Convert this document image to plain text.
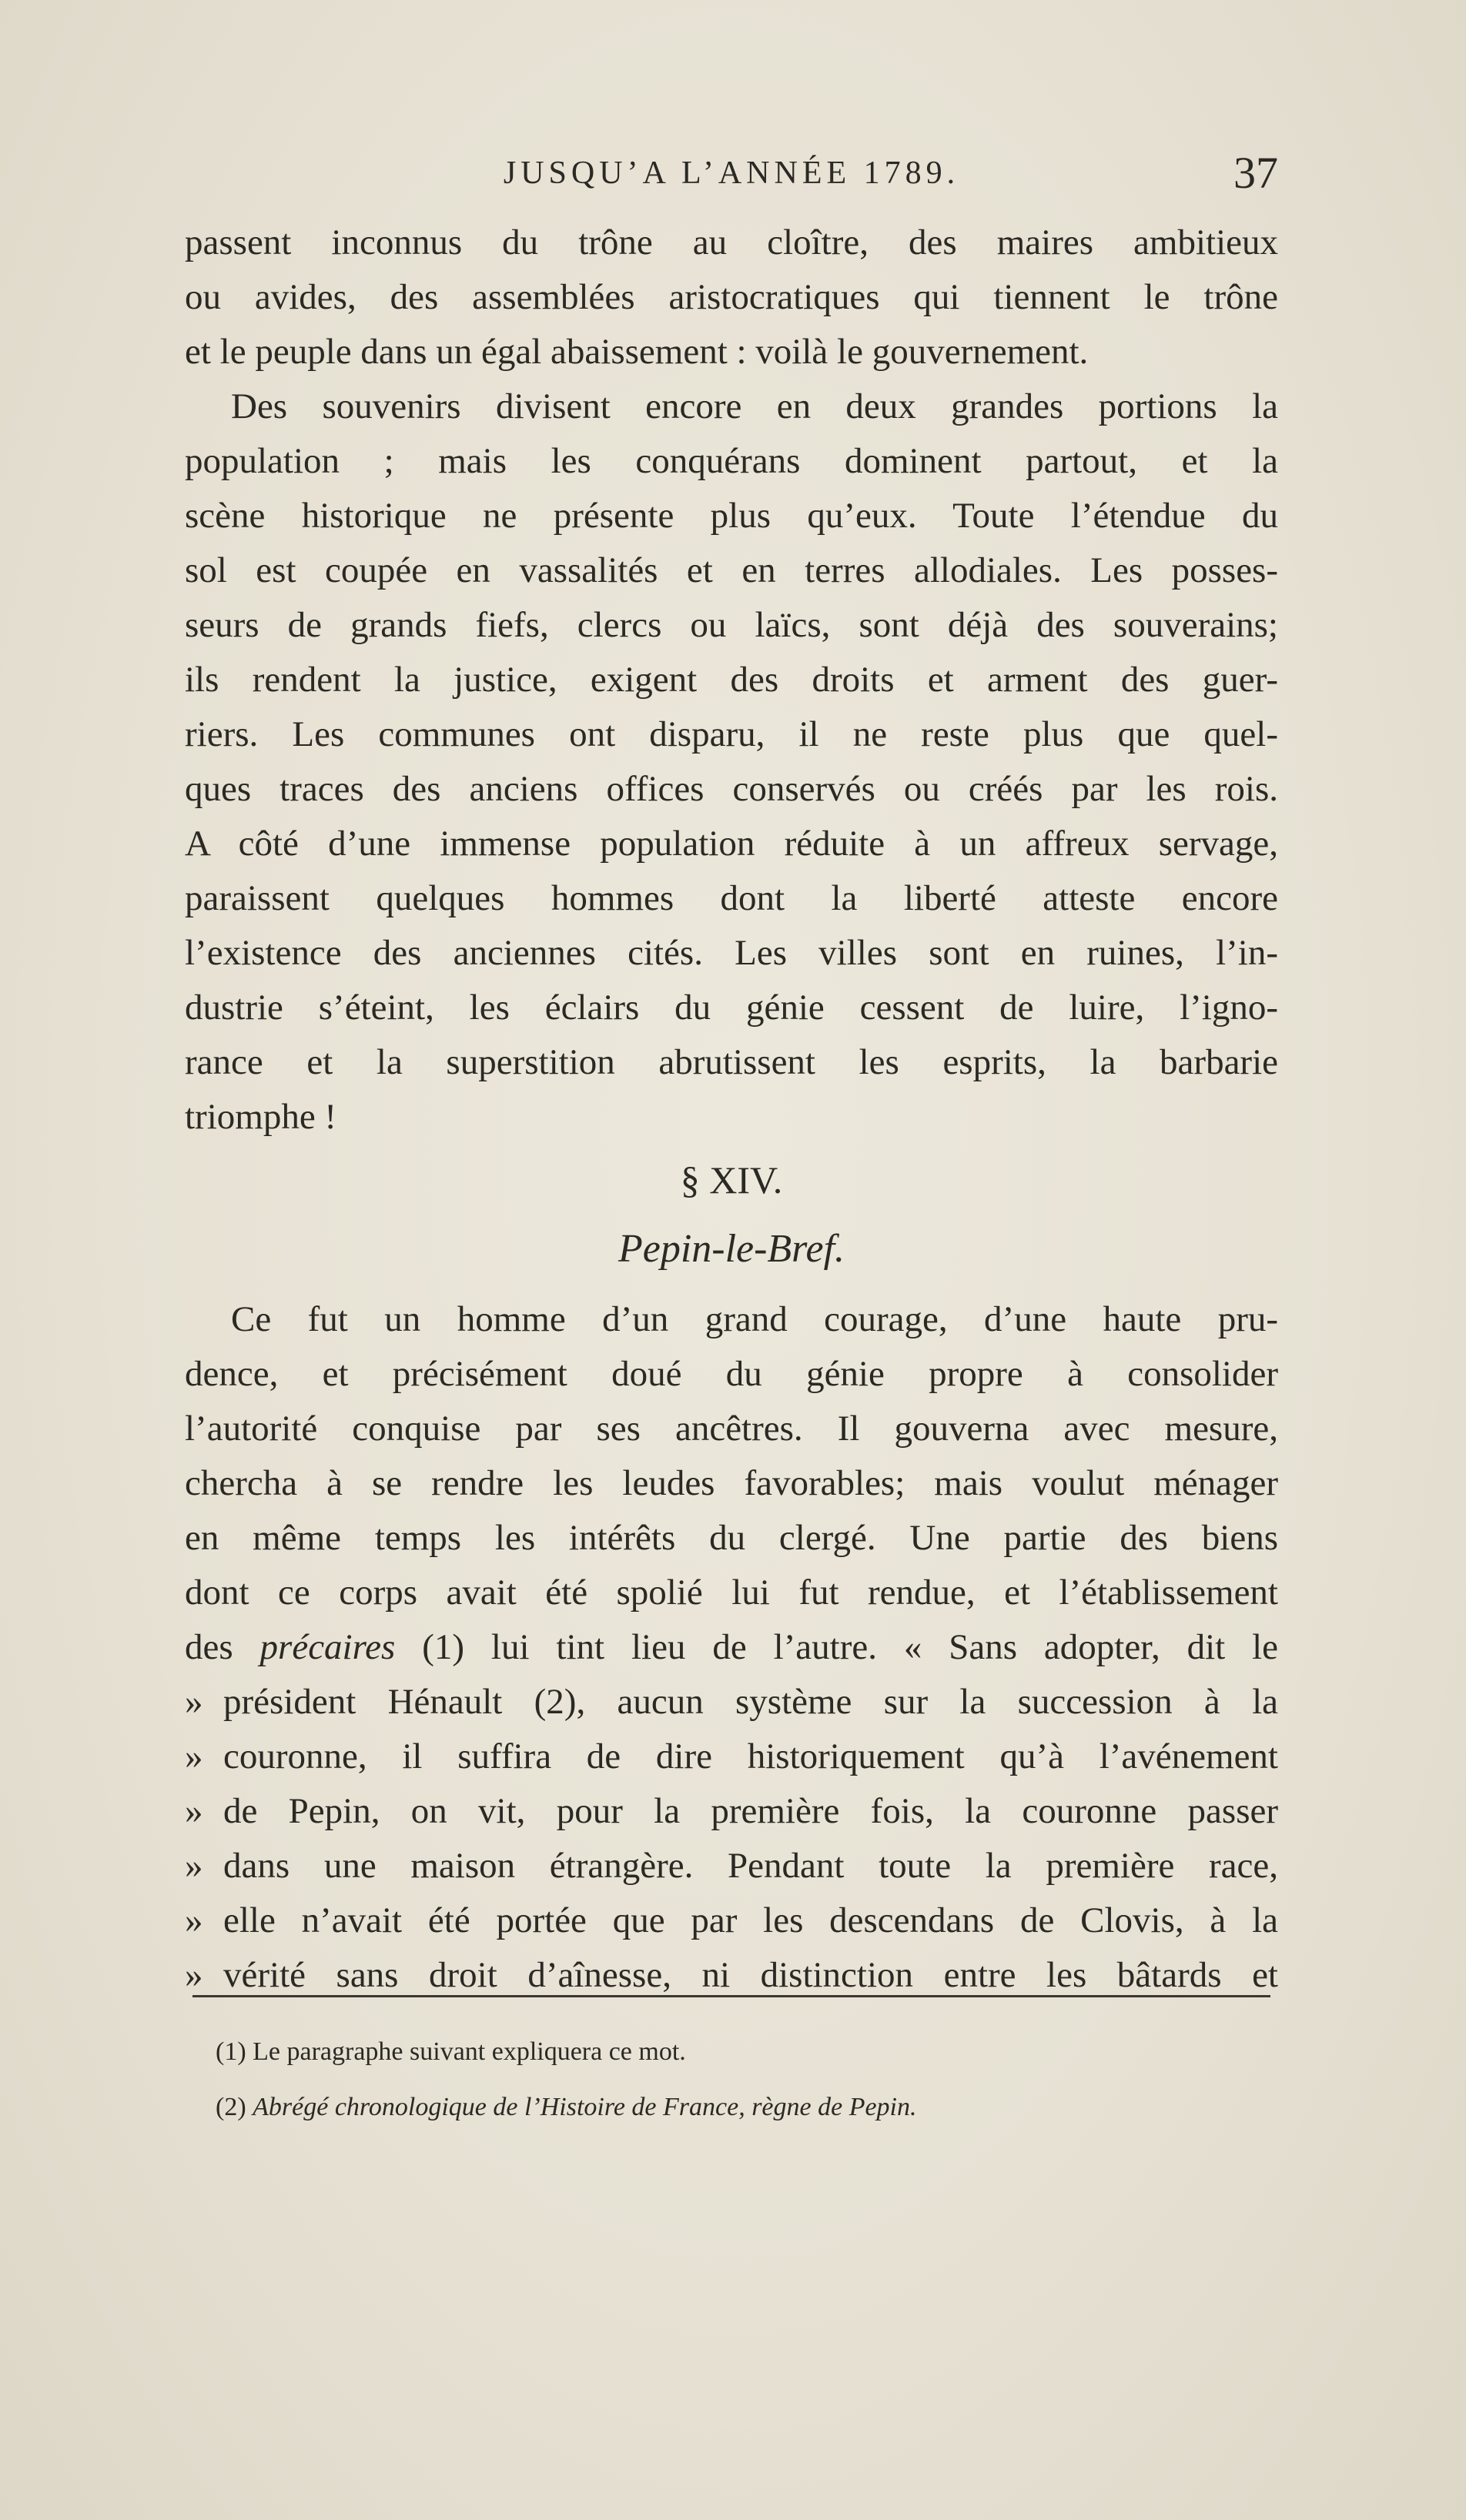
JUSQU’A L’ANNÉE 1789.	37
passent inconnus du trône au cloître, des maires ambitieux
ou avides, des assemblées aristocratiques qui tiennent le trône
et le peuple dans un égal abaissement : voilà le gouvernement.
Des souvenirs divisent encore en deux grandes portions la
population ; mais les conquérans dominent partout, et la
scène historique ne présente plus qu’eux. Toute l’étendue du
sol est coupée en vassalités et en terres allodiales. Les posses-
seurs de grands fiefs, clercs ou laïcs, sont déjà des souverains;
ils rendent la justice, exigent des droits et arment des guer-
riers. Les communes ont disparu, il ne reste plus que quel-
ques traces des anciens offices conservés ou créés par les rois.
A côté d’une immense population réduite à un affreux servage,
paraissent quelques hommes dont la liberté atteste encore
l’existence des anciennes cités. Les villes sont en ruines, l’in-
dustrie s’éteint, les éclairs du génie cessent de luire, l’igno-
rance et la superstition abrutissent les esprits, la barbarie
triomphe !
§ XIV.
Pepin-le-Bref.
Ce fut un homme d’un grand courage, d’une haute pru-
dence, et précisément doué du génie propre à consolider
l’autorité conquise par ses ancêtres. Il gouverna avec mesure,
chercha à se rendre les leudes favorables; mais voulut ménager
en même temps les intérêts du clergé. Une partie des biens
dont ce corps avait été spolié lui fut rendue, et l’établissement
des précaires (1) lui tint lieu de l’autre. « Sans adopter, dit le
» président Hénault (2), aucun système sur la succession à la
» couronne, il suffira de dire historiquement qu’à l’avénement
» de Pepin, on vit, pour la première fois, la couronne passer
» dans une maison étrangère. Pendant toute la première race,
» elle n’avait été portée que par les descendans de Clovis, à la
» vérité sans droit d’aînesse, ni distinction entre les bâtards et
(1) Le paragraphe suivant expliquera ce mot.
(2) Abrégé chronologique de l’Histoire de France, règne de Pepin.
